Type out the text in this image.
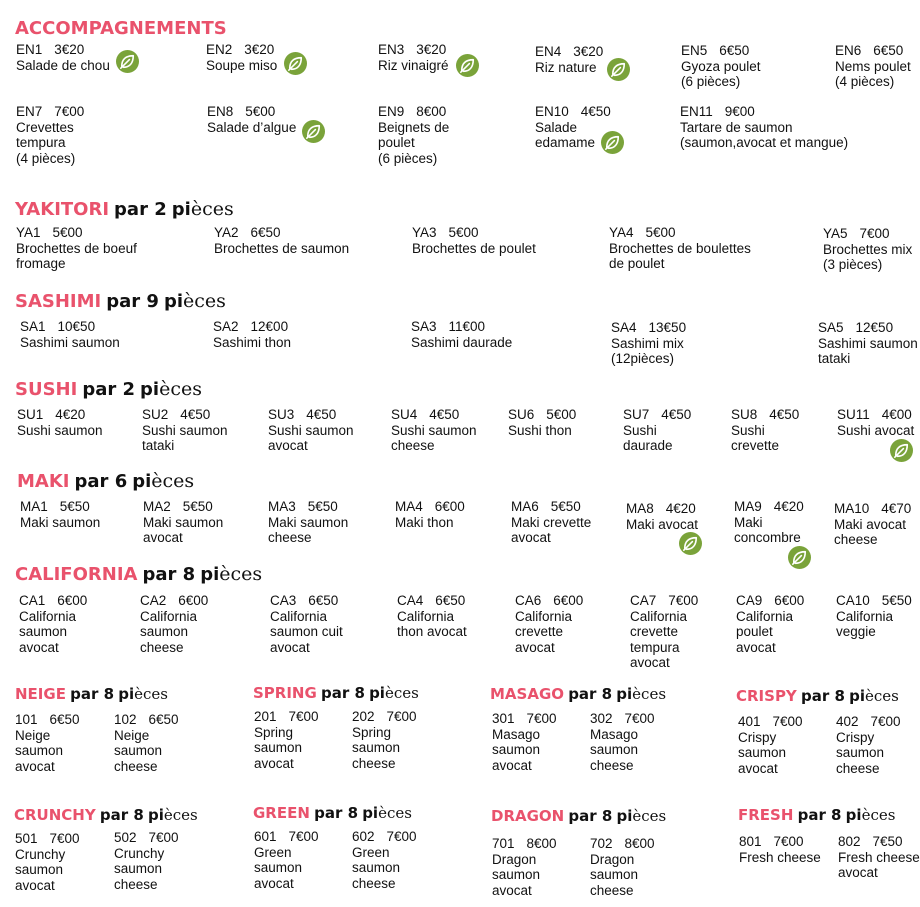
ACCOMPAGNEMENTS
YAKITORI par 2 pièces
SASHIMI par 9 pièces
SUSHI par 2 pièces
MAKI par 6 pièces
CALIFORNIA par 8 pièces
NEIGE par 8 pièces	SPRING par 8 pièces	MASAGO par 8 pièces	CRISPY par 8 pièces
CRUNCHY par 8 pièces	GREEN par 8 pièces	DRAGON par 8 pièces	FRESH par 8 pièces
EN1 3€20
Salade de chou
EN2 3€20
Soupe miso
EN3 3€20
Riz vinaigré
EN4 3€20
Riz nature
EN5 6€50
Gyoza poulet
(6 pièces)
EN6 6€50
Nems poulet
(4 pièces)
EN7 7€00
Crevettes
tempura
(4 pièces)
EN8 5€00
Salade d’algue
EN9 8€00
Beignets de
poulet
(6 pièces)
EN10 4€50
Salade
edamame
EN11 9€00
Tartare de saumon
(saumon,avocat et mangue)
YA1 5€00
Brochettes de boeuf
fromage
YA2 6€50
Brochettes de saumon
YA3 5€00
Brochettes de poulet
YA4 5€00
Brochettes de boulettes
de poulet
YA5 7€00
Brochettes mix
(3 pièces)
SA1 10€50
Sashimi saumon
SA2 12€00
Sashimi thon
SA3 11€00
Sashimi daurade
SA4 13€50
Sashimi mix
(12pièces)
SA5 12€50
Sashimi saumon
tataki
SU1 4€20
Sushi saumon
SU2 4€50
Sushi saumon
tataki
SU3 4€50
Sushi saumon
avocat
SU4 4€50
Sushi saumon
cheese
SU6 5€00
Sushi thon
SU7 4€50
Sushi
daurade
SU8 4€50
Sushi
crevette
SU11 4€00
Sushi avocat
MA1 5€50
Maki saumon
MA2 5€50
Maki saumon
avocat
MA3 5€50
Maki saumon
cheese
MA4 6€00
Maki thon
MA6 5€50
Maki crevette
avocat
MA8 4€20
Maki avocat
MA9 4€20
Maki
concombre
MA10 4€70
Maki avocat
cheese
CA1 6€00
California
saumon
avocat
CA2 6€00
California
saumon
cheese
CA3 6€50
California
saumon cuit
avocat
CA4 6€50
California
thon avocat
CA6 6€00
California
crevette
avocat
CA7 7€00
California
crevette
tempura
avocat
CA9 6€00
California
poulet
avocat
CA10 5€50
California
veggie
101 6€50
Neige
saumon
avocat
102 6€50
Neige
saumon
cheese
201 7€00
Spring
saumon
avocat
202 7€00
Spring
saumon
cheese
301 7€00
Masago
saumon
avocat
302 7€00
Masago
saumon
cheese
401 7€00
Crispy
saumon
avocat
402 7€00
Crispy
saumon
cheese
501 7€00
Crunchy
saumon
avocat
502 7€00
Crunchy
saumon
cheese
601 7€00
Green
saumon
avocat
602 7€00
Green
saumon
cheese
701 8€00
Dragon
saumon
avocat
702 8€00
Dragon
saumon
cheese
801 7€00
Fresh cheese
802 7€50
Fresh cheese
avocat
